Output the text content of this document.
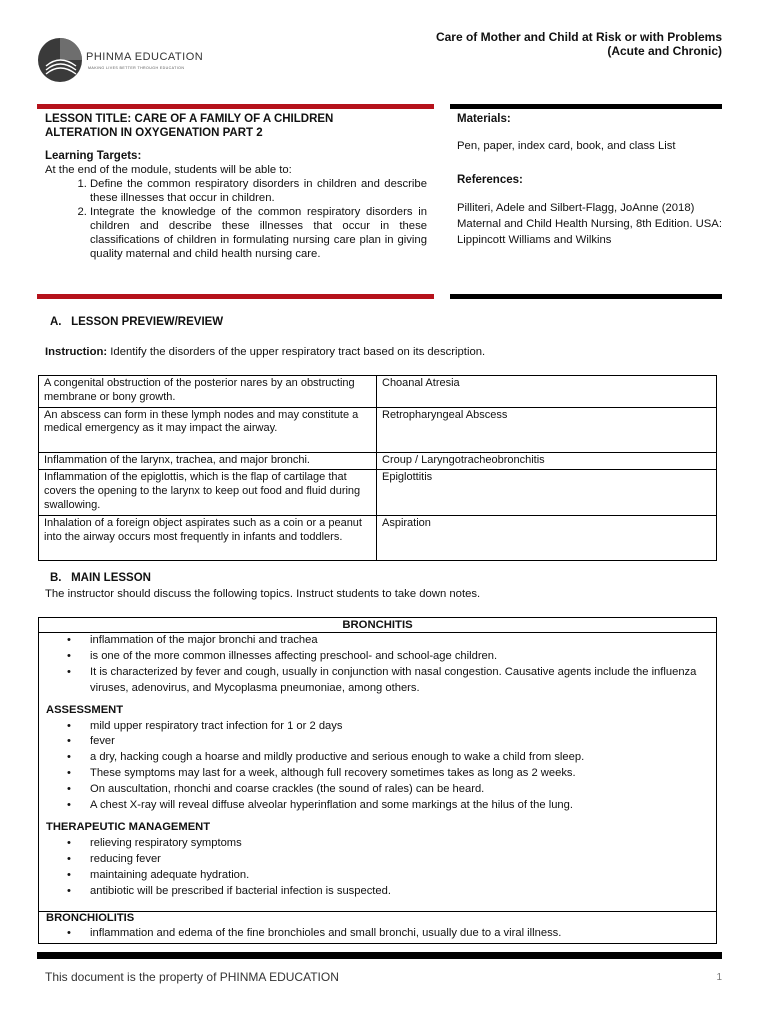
PHINMA EDUCATION
MAKING LIVES BETTER THROUGH EDUCATION
Care of Mother and Child at Risk or with Problems (Acute and Chronic)
LESSON TITLE: CARE OF A FAMILY OF A CHILDREN
ALTERATION IN OXYGENATION PART 2
Learning Targets:
At the end of the module, students will be able to:
1. Define the common respiratory disorders in children and describe these illnesses that occur in children.
2. Integrate the knowledge of the common respiratory disorders in children and describe these illnesses that occur in these classifications of children in formulating nursing care plan in giving quality maternal and child health nursing care.
Materials:
Pen, paper, index card, book, and class List
References:
Pilliteri, Adele and Silbert-Flagg, JoAnne (2018) Maternal and Child Health Nursing, 8th Edition. USA: Lippincott Williams and Wilkins
A.   LESSON PREVIEW/REVIEW
Instruction: Identify the disorders of the upper respiratory tract based on its description.
A congenital obstruction of the posterior nares by an obstructing membrane or bony growth.	Choanal Atresia
An abscess can form in these lymph nodes and may constitute a medical emergency as it may impact the airway.	Retropharyngeal Abscess
Inflammation of the larynx, trachea, and major bronchi.	Croup / Laryngotracheobronchitis
Inflammation of the epiglottis, which is the flap of cartilage that covers the opening to the larynx to keep out food and fluid during swallowing.	Epiglottitis
Inhalation of a foreign object aspirates such as a coin or a peanut into the airway occurs most frequently in infants and toddlers.	Aspiration
B.   MAIN LESSON
The instructor should discuss the following topics. Instruct students to take down notes.
BRONCHITIS
• inflammation of the major bronchi and trachea
• is one of the more common illnesses affecting preschool- and school-age children.
• It is characterized by fever and cough, usually in conjunction with nasal congestion. Causative agents include the influenza viruses, adenovirus, and Mycoplasma pneumoniae, among others.
ASSESSMENT
• mild upper respiratory tract infection for 1 or 2 days
• fever
• a dry, hacking cough a hoarse and mildly productive and serious enough to wake a child from sleep.
• These symptoms may last for a week, although full recovery sometimes takes as long as 2 weeks.
• On auscultation, rhonchi and coarse crackles (the sound of rales) can be heard.
• A chest X-ray will reveal diffuse alveolar hyperinflation and some markings at the hilus of the lung.
THERAPEUTIC MANAGEMENT
• relieving respiratory symptoms
• reducing fever
• maintaining adequate hydration.
• antibiotic will be prescribed if bacterial infection is suspected.
BRONCHIOLITIS
• inflammation and edema of the fine bronchioles and small bronchi, usually due to a viral illness.
This document is the property of PHINMA EDUCATION	1
